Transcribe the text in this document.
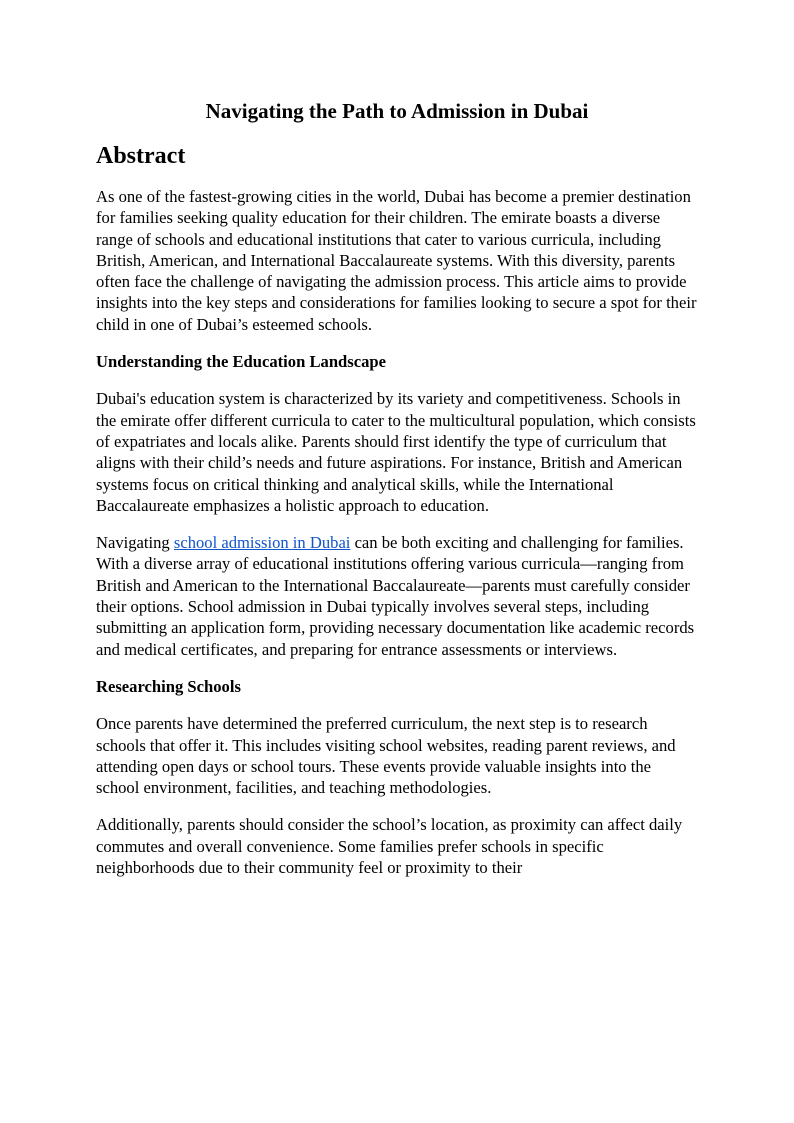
Navigating the Path to Admission in Dubai
Abstract

As one of the fastest-growing cities in the world, Dubai has become a premier destination for families seeking quality education for their children. The emirate boasts a diverse range of schools and educational institutions that cater to various curricula, including British, American, and International Baccalaureate systems. With this diversity, parents often face the challenge of navigating the admission process. This article aims to provide insights into the key steps and considerations for families looking to secure a spot for their child in one of Dubai’s esteemed schools.

Understanding the Education Landscape

Dubai's education system is characterized by its variety and competitiveness. Schools in the emirate offer different curricula to cater to the multicultural population, which consists of expatriates and locals alike. Parents should first identify the type of curriculum that aligns with their child’s needs and future aspirations. For instance, British and American systems focus on critical thinking and analytical skills, while the International Baccalaureate emphasizes a holistic approach to education.

Navigating school admission in Dubai can be both exciting and challenging for families. With a diverse array of educational institutions offering various curricula—ranging from British and American to the International Baccalaureate—parents must carefully consider their options. School admission in Dubai typically involves several steps, including submitting an application form, providing necessary documentation like academic records and medical certificates, and preparing for entrance assessments or interviews.

Researching Schools

Once parents have determined the preferred curriculum, the next step is to research schools that offer it. This includes visiting school websites, reading parent reviews, and attending open days or school tours. These events provide valuable insights into the school environment, facilities, and teaching methodologies.

Additionally, parents should consider the school’s location, as proximity can affect daily commutes and overall convenience. Some families prefer schools in specific neighborhoods due to their community feel or proximity to their
